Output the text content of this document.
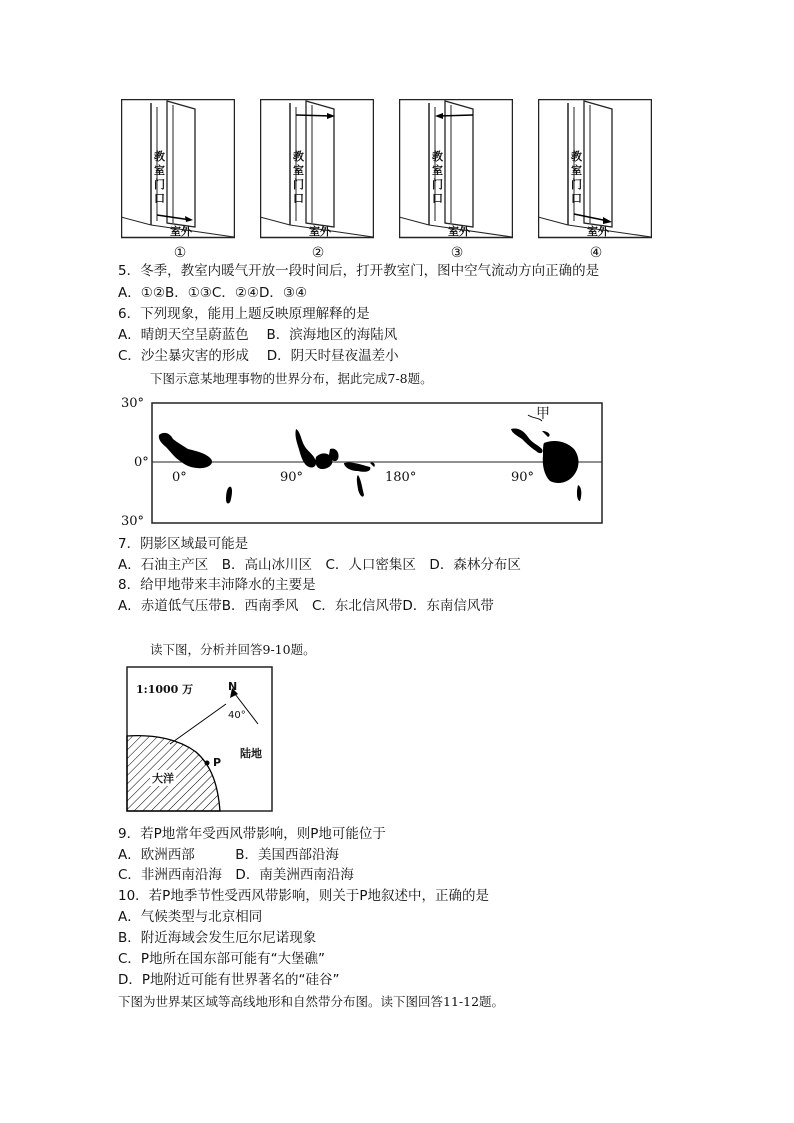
教
室
门
口
室外
①
教
室
门
口
室外
②
教
室
门
口
室外
③
教
室
门
口
室外
④
5．冬季，教室内暖气开放一段时间后，打开教室门，图中空气流动方向正确的是
A．①②B．①③C．②④D．③④
6．下列现象，能用上题反映原理解释的是
A．晴朗天空呈蔚蓝色　 B．滨海地区的海陆风
C．沙尘暴灾害的形成　 D．阴天时昼夜温差小
下图示意某地理事物的世界分布，据此完成7-8题。
30°
0°
30°
0°	90°	180°	90°
甲
7．阴影区域最可能是
A．石油主产区　B．高山冰川区　C．人口密集区　D．森林分布区
8．给甲地带来丰沛降水的主要是
A．赤道低气压带B．西南季风　C．东北信风带D．东南信风带
读下图，分析并回答9-10题。
1:1000 万	N
40°
陆地
大洋
P
9．若P地常年受西风带影响，则P地可能位于
A．欧洲西部　　　B．美国西部沿海
C．非洲西南沿海　D．南美洲西南沿海
10．若P地季节性受西风带影响，则关于P地叙述中，正确的是
A．气候类型与北京相同
B．附近海域会发生厄尔尼诺现象
C．P地所在国东部可能有“大堡礁”
D．P地附近可能有世界著名的“硅谷”
下图为世界某区域等高线地形和自然带分布图。读下图回答11-12题。
